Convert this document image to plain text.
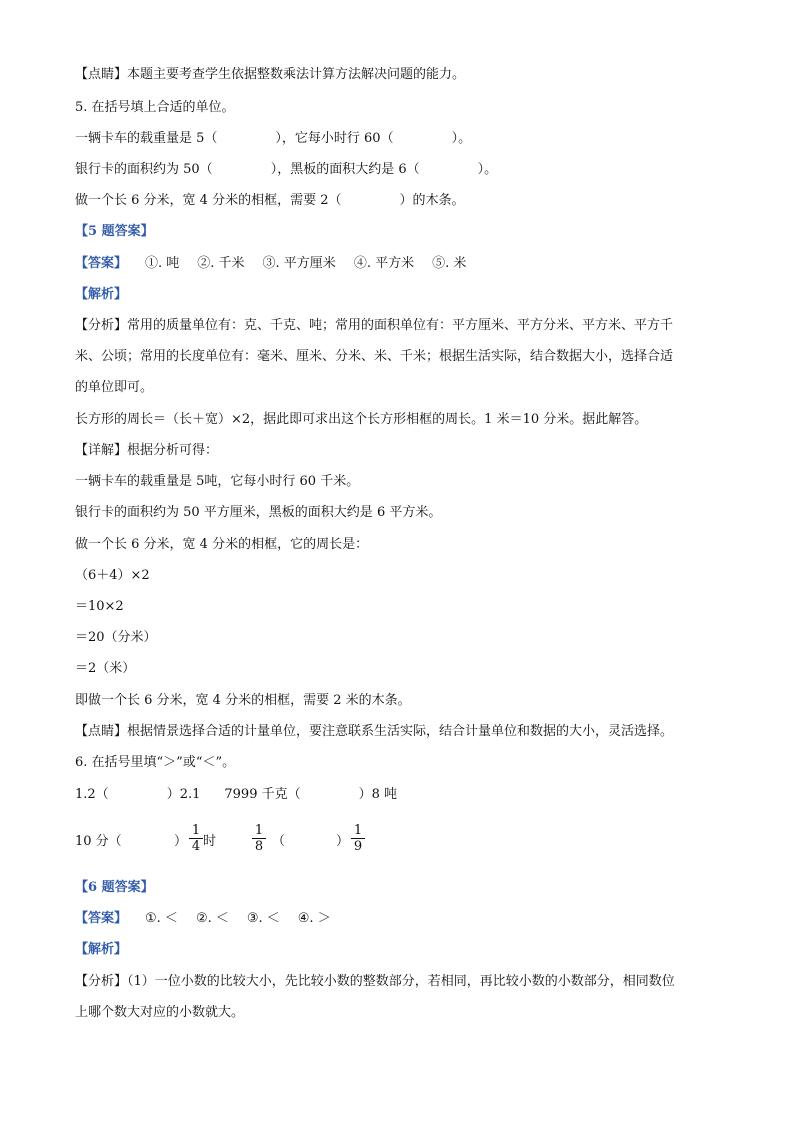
【点睛】本题主要考查学生依据整数乘法计算方法解决问题的能力。
5. 在括号填上合适的单位。
一辆卡车的载重量是 5（	），它每小时行 60（	）。
银行卡的面积约为 50（	），黑板的面积大约是 6（	）。
做一个长 6 分米，宽 4 分米的相框，需要 2（	）的木条。
【5 题答案】
【答案】 ①. 吨 ②. 千米 ③. 平方厘米 ④. 平方米 ⑤. 米
【解析】
【分析】常用的质量单位有：克、千克、吨；常用的面积单位有：平方厘米、平方分米、平方米、平方千
米、公顷；常用的长度单位有：毫米、厘米、分米、米、千米；根据生活实际，结合数据大小，选择合适
的单位即可。
长方形的周长＝（长＋宽）×2，据此即可求出这个长方形相框的周长。1 米＝10 分米。据此解答。
【详解】根据分析可得：
一辆卡车的载重量是 5吨，它每小时行 60 千米。
银行卡的面积约为 50 平方厘米，黑板的面积大约是 6 平方米。
做一个长 6 分米，宽 4 分米的相框，它的周长是：
（6＋4）×2
＝10×2
＝20（分米）
＝2（米）
即做一个长 6 分米，宽 4 分米的相框，需要 2 米的木条。
【点睛】根据情景选择合适的计量单位，要注意联系生活实际，结合计量单位和数据的大小，灵活选择。
6. 在括号里填“＞”或“＜”。
1.2（	）2.1 7999 千克（	）8 吨
10 分（	） $\frac{1}{4}$ 时	$\frac{1}{8}$ （	） $\frac{1}{9}$
【6 题答案】
【答案】 ①. ＜ ②. ＜ ③. ＜ ④. ＞
【解析】
【分析】（1）一位小数的比较大小，先比较小数的整数部分，若相同，再比较小数的小数部分，相同数位
上哪个数大对应的小数就大。
